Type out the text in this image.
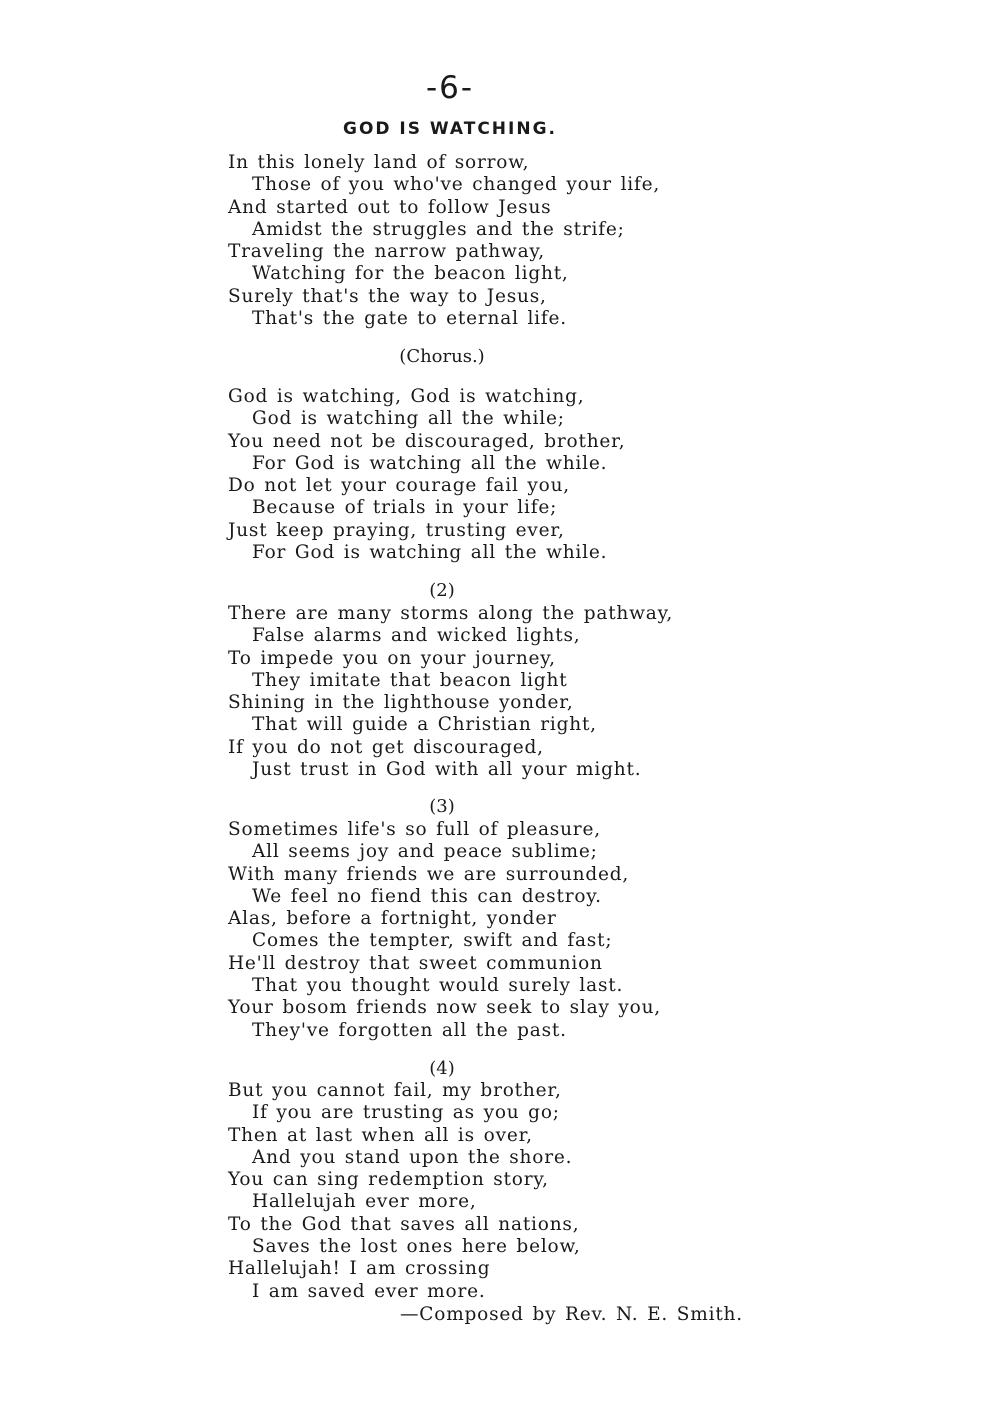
-6-
GOD IS WATCHING.
In this lonely land of sorrow,
Those of you who've changed your life,
And started out to follow Jesus
Amidst the struggles and the strife;
Traveling the narrow pathway,
Watching for the beacon light,
Surely that's the way to Jesus,
That's the gate to eternal life.
(Chorus.)
God is watching, God is watching,
God is watching all the while;
You need not be discouraged, brother,
For God is watching all the while.
Do not let your courage fail you,
Because of trials in your life;
Just keep praying, trusting ever,
For God is watching all the while.
(2)
There are many storms along the pathway,
False alarms and wicked lights,
To impede you on your journey,
They imitate that beacon light
Shining in the lighthouse yonder,
That will guide a Christian right,
If you do not get discouraged,
Just trust in God with all your might.
(3)
Sometimes life's so full of pleasure,
All seems joy and peace sublime;
With many friends we are surrounded,
We feel no fiend this can destroy.
Alas, before a fortnight, yonder
Comes the tempter, swift and fast;
He'll destroy that sweet communion
That you thought would surely last.
Your bosom friends now seek to slay you,
They've forgotten all the past.
(4)
But you cannot fail, my brother,
If you are trusting as you go;
Then at last when all is over,
And you stand upon the shore.
You can sing redemption story,
Hallelujah ever more,
To the God that saves all nations,
Saves the lost ones here below,
Hallelujah! I am crossing
I am saved ever more.
—Composed by Rev. N. E. Smith.
